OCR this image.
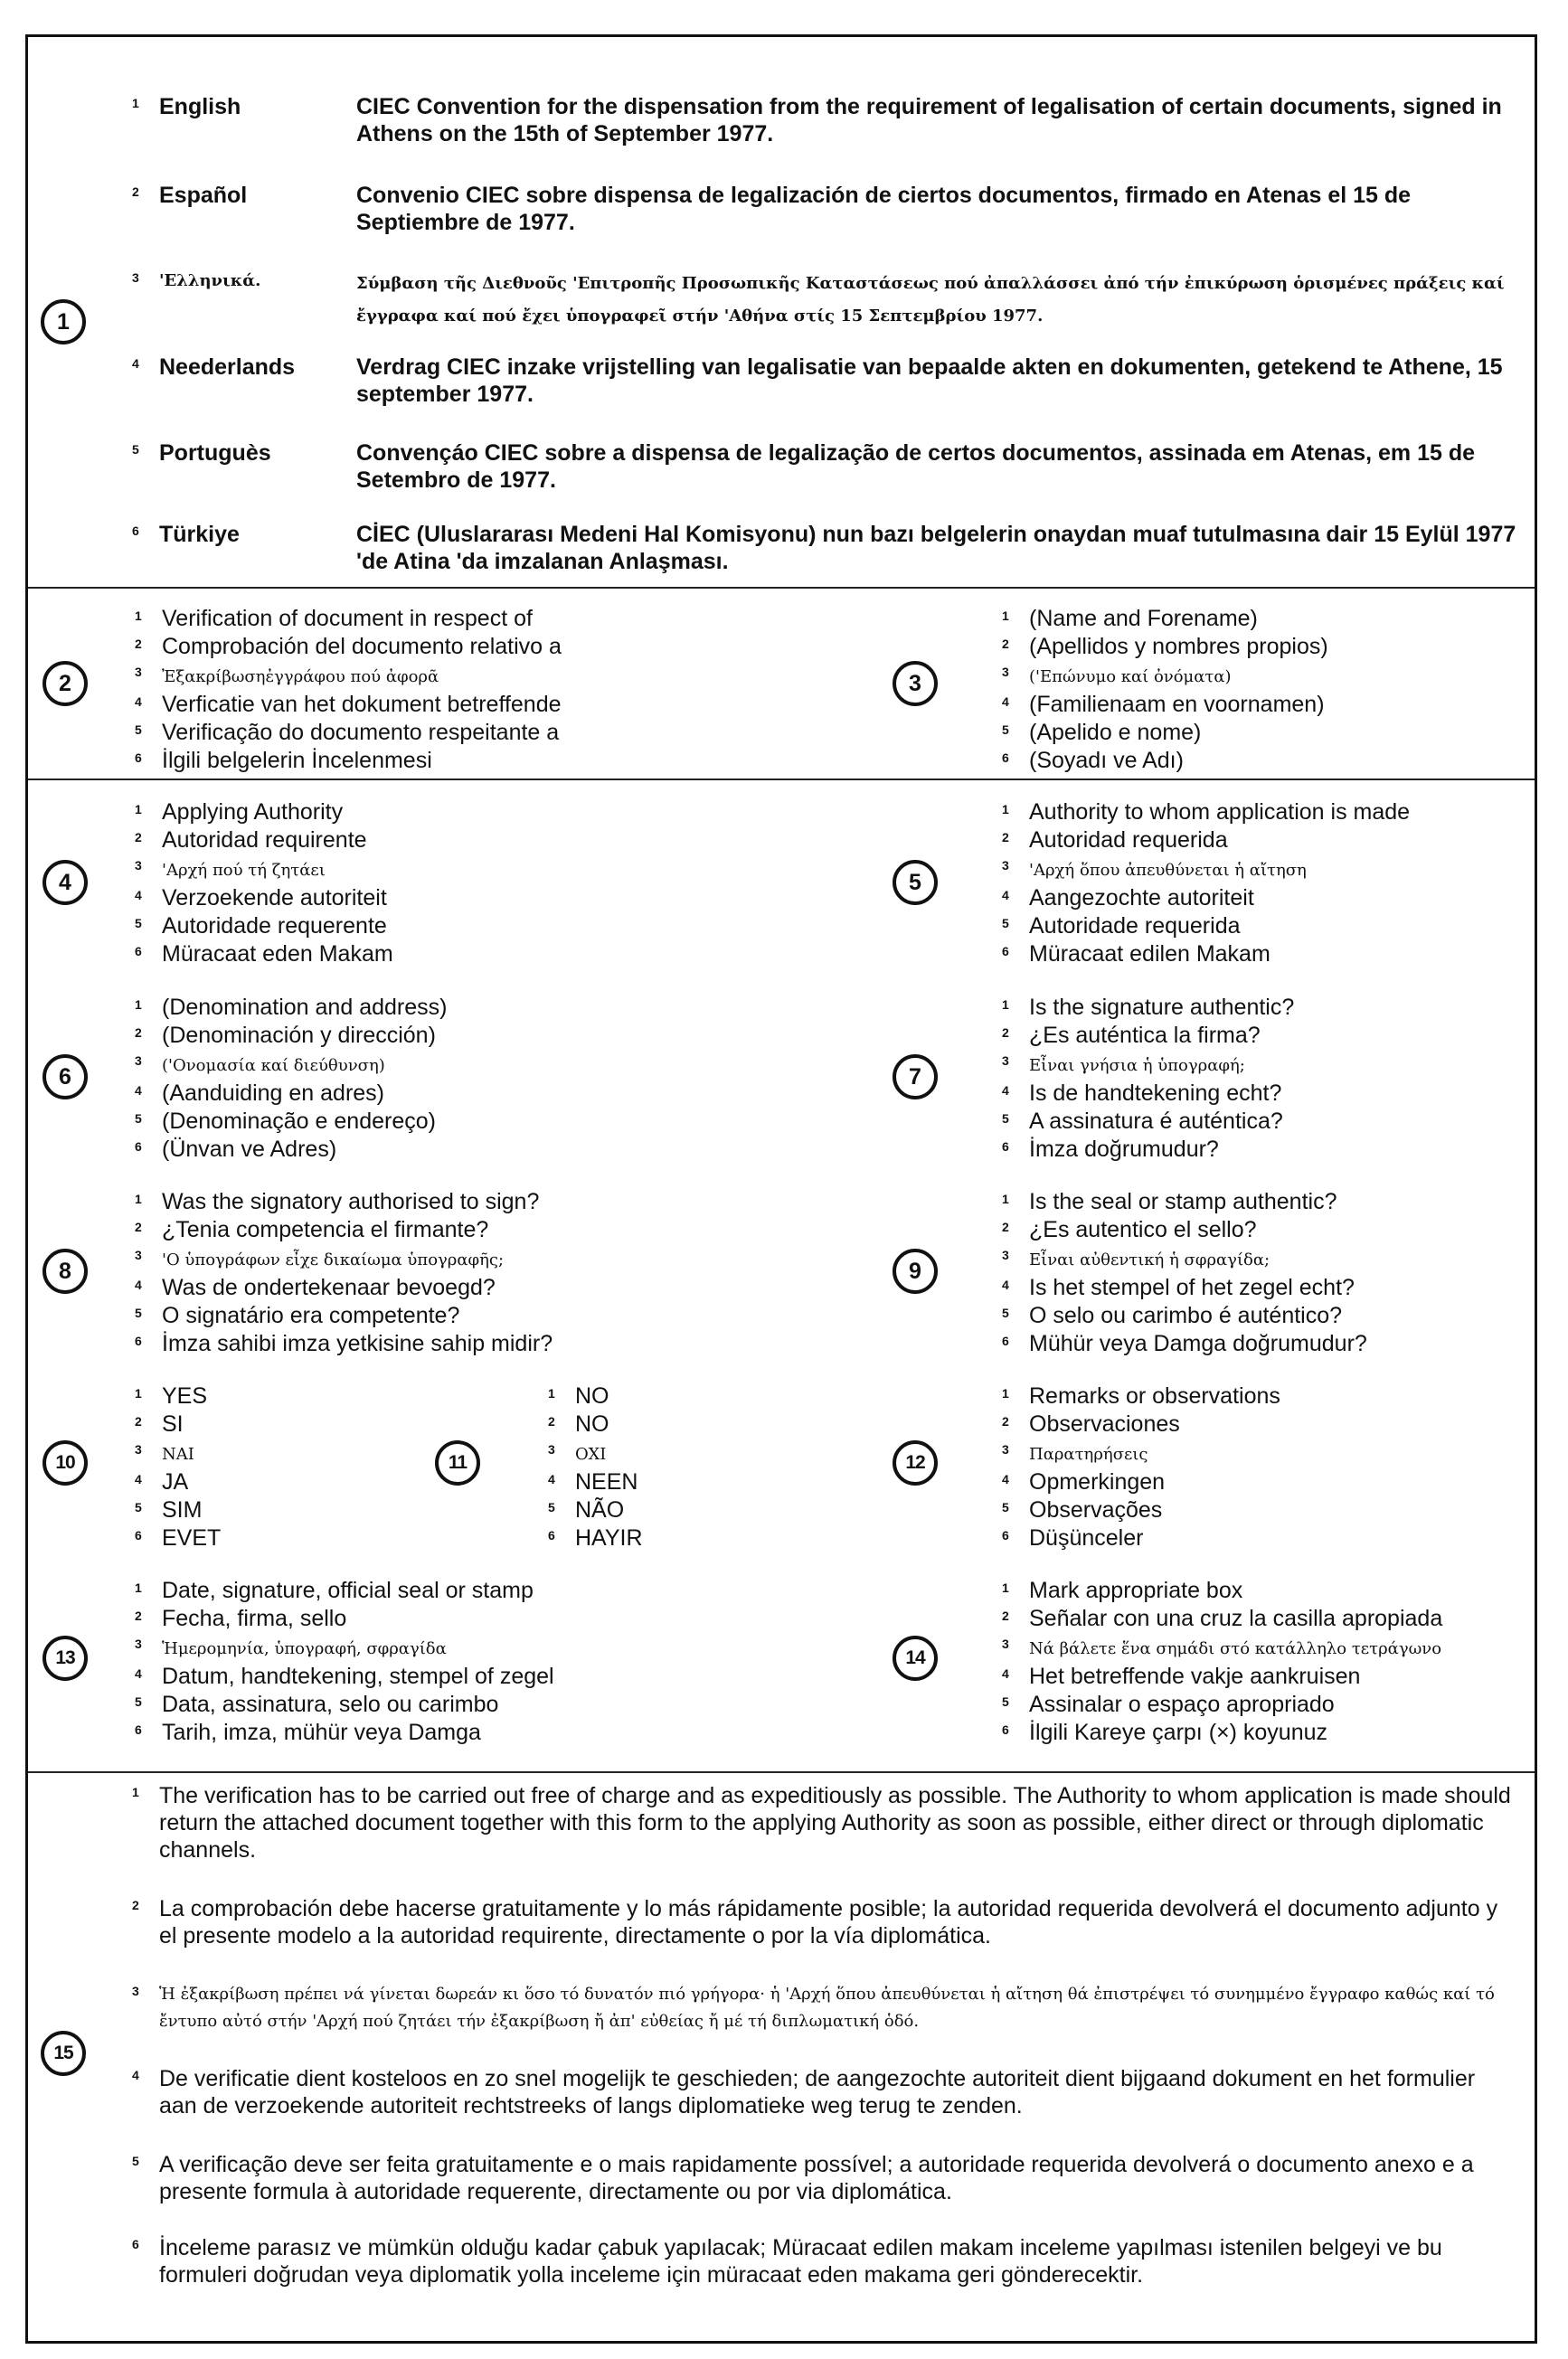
1
1 English	CIEC Convention for the dispensation from the requirement of legalisation of certain documents, signed in Athens on the 15th of September 1977.
2 Español	Convenio CIEC sobre dispensa de legalización de ciertos documentos, firmado en Atenas el 15 de Septiembre de 1977.
3 'Ελληνικά.	Σύμβαση τῆς Διεθνοῦς 'Επιτροπῆς Προσωπικῆς Καταστάσεως πού ἀπαλλάσσει ἀπό τήν ἐπικύρωση ὁρισμένες πράξεις καί ἔγγραφα καί πού ἔχει ὑπογραφεῖ στήν 'Αθήνα στίς 15 Σεπτεμβρίου 1977.
4 Neederlands	Verdrag CIEC inzake vrijstelling van legalisatie van bepaalde akten en dokumenten, getekend te Athene, 15 september 1977.
5 Portuguès	Convençáo CIEC sobre a dispensa de legalização de certos documentos, assinada em Atenas, em 15 de Setembro de 1977.
6 Türkiye	CİEC (Uluslararası Medeni Hal Komisyonu) nun bazı belgelerin onaydan muaf tutulmasına dair 15 Eylül 1977 'de Atina 'da imzalanan Anlaşması.
2
1 Verification of document in respect of
2 Comprobación del documento relativo a
3 Ἐξακρίβωσηἐγγράφου πού ἀφορᾶ
4 Verficatie van het dokument betreffende
5 Verificação do documento respeitante a
6 İlgili belgelerin İncelenmesi
3
1 (Name and Forename)
2 (Apellidos y nombres propios)
3 ('Επώνυμο καί ὀνόματα)
4 (Familienaam en voornamen)
5 (Apelido e nome)
6 (Soyadı ve Adı)
4
1 Applying Authority
2 Autoridad requirente
3 'Αρχή πού τή ζητάει
4 Verzoekende autoriteit
5 Autoridade requerente
6 Müracaat eden Makam
5
1 Authority to whom application is made
2 Autoridad requerida
3 'Αρχή ὅπου ἀπευθύνεται ἡ αἴτηση
4 Aangezochte autoriteit
5 Autoridade requerida
6 Müracaat edilen Makam
6
1 (Denomination and address)
2 (Denominación y dirección)
3 ('Ονομασία καί διεύθυνση)
4 (Aanduiding en adres)
5 (Denominação e endereço)
6 (Ünvan ve Adres)
7
1 Is the signature authentic?
2 ¿Es auténtica la firma?
3 Εἶναι γνήσια ἡ ὑπογραφή;
4 Is de handtekening echt?
5 A assinatura é auténtica?
6 İmza doğrumudur?
8
1 Was the signatory authorised to sign?
2 ¿Tenia competencia el firmante?
3 'Ο ὑπογράφων εἶχε δικαίωμα ὑπογραφῆς;
4 Was de ondertekenaar bevoegd?
5 O signatário era competente?
6 İmza sahibi imza yetkisine sahip midir?
9
1 Is the seal or stamp authentic?
2 ¿Es autentico el sello?
3 Εἶναι αὐθεντική ἡ σφραγίδα;
4 Is het stempel of het zegel echt?
5 O selo ou carimbo é auténtico?
6 Mühür veya Damga doğrumudur?
10
1 YES
2 SI
3 NAI
4 JA
5 SIM
6 EVET
11
1 NO
2 NO
3 OXI
4 NEEN
5 NÃO
6 HAYIR
12
1 Remarks or observations
2 Observaciones
3 Παρατηρήσεις
4 Opmerkingen
5 Observações
6 Düşünceler
13
1 Date, signature, official seal or stamp
2 Fecha, firma, sello
3 Ἡμερομηνία, ὑπογραφή, σφραγίδα
4 Datum, handtekening, stempel of zegel
5 Data, assinatura, selo ou carimbo
6 Tarih, imza, mühür veya Damga
14
1 Mark appropriate box
2 Señalar con una cruz la casilla apropiada
3 Νά βάλετε ἕνα σημάδι στό κατάλληλο τετράγωνο
4 Het betreffende vakje aankruisen
5 Assinalar o espaço apropriado
6 İlgili Kareye çarpı (×) koyunuz
15
1 The verification has to be carried out free of charge and as expeditiously as possible. The Authority to whom application is made should return the attached document together with this form to the applying Authority as soon as possible, either direct or through diplomatic channels.
2 La comprobación debe hacerse gratuitamente y lo más rápidamente posible; la autoridad requerida devolverá el documento adjunto y el presente modelo a la autoridad requirente, directamente o por la vía diplomática.
3	Ἡ ἐξακρίβωση πρέπει νά γίνεται δωρεάν κι ὅσο τό δυνατόν πιό γρήγορα· ἡ 'Αρχή ὅπου ἀπευθύνεται ἡ αἴτηση θά ἐπιστρέψει τό συνημμένο ἔγγραφο καθώς καί τό ἔντυπο αὐτό στήν 'Αρχή πού ζητάει τήν ἐξακρίβωση ἤ ἀπ' εὐθείας ἤ μέ τή διπλωματική ὁδό.
4 De verificatie dient kosteloos en zo snel mogelijk te geschieden; de aangezochte autoriteit dient bijgaand dokument en het formulier aan de verzoekende autoriteit rechtstreeks of langs diplomatieke weg terug te zenden.
5 A verificação deve ser feita gratuitamente e o mais rapidamente possível; a autoridade requerida devolverá o documento anexo e a presente formula à autoridade requerente, directamente ou por via diplomática.
6 İnceleme parasız ve mümkün olduğu kadar çabuk yapılacak; Müracaat edilen makam inceleme yapılması istenilen belgeyi ve bu formuleri doğrudan veya diplomatik yolla inceleme için müracaat eden makama geri gönderecektir.
